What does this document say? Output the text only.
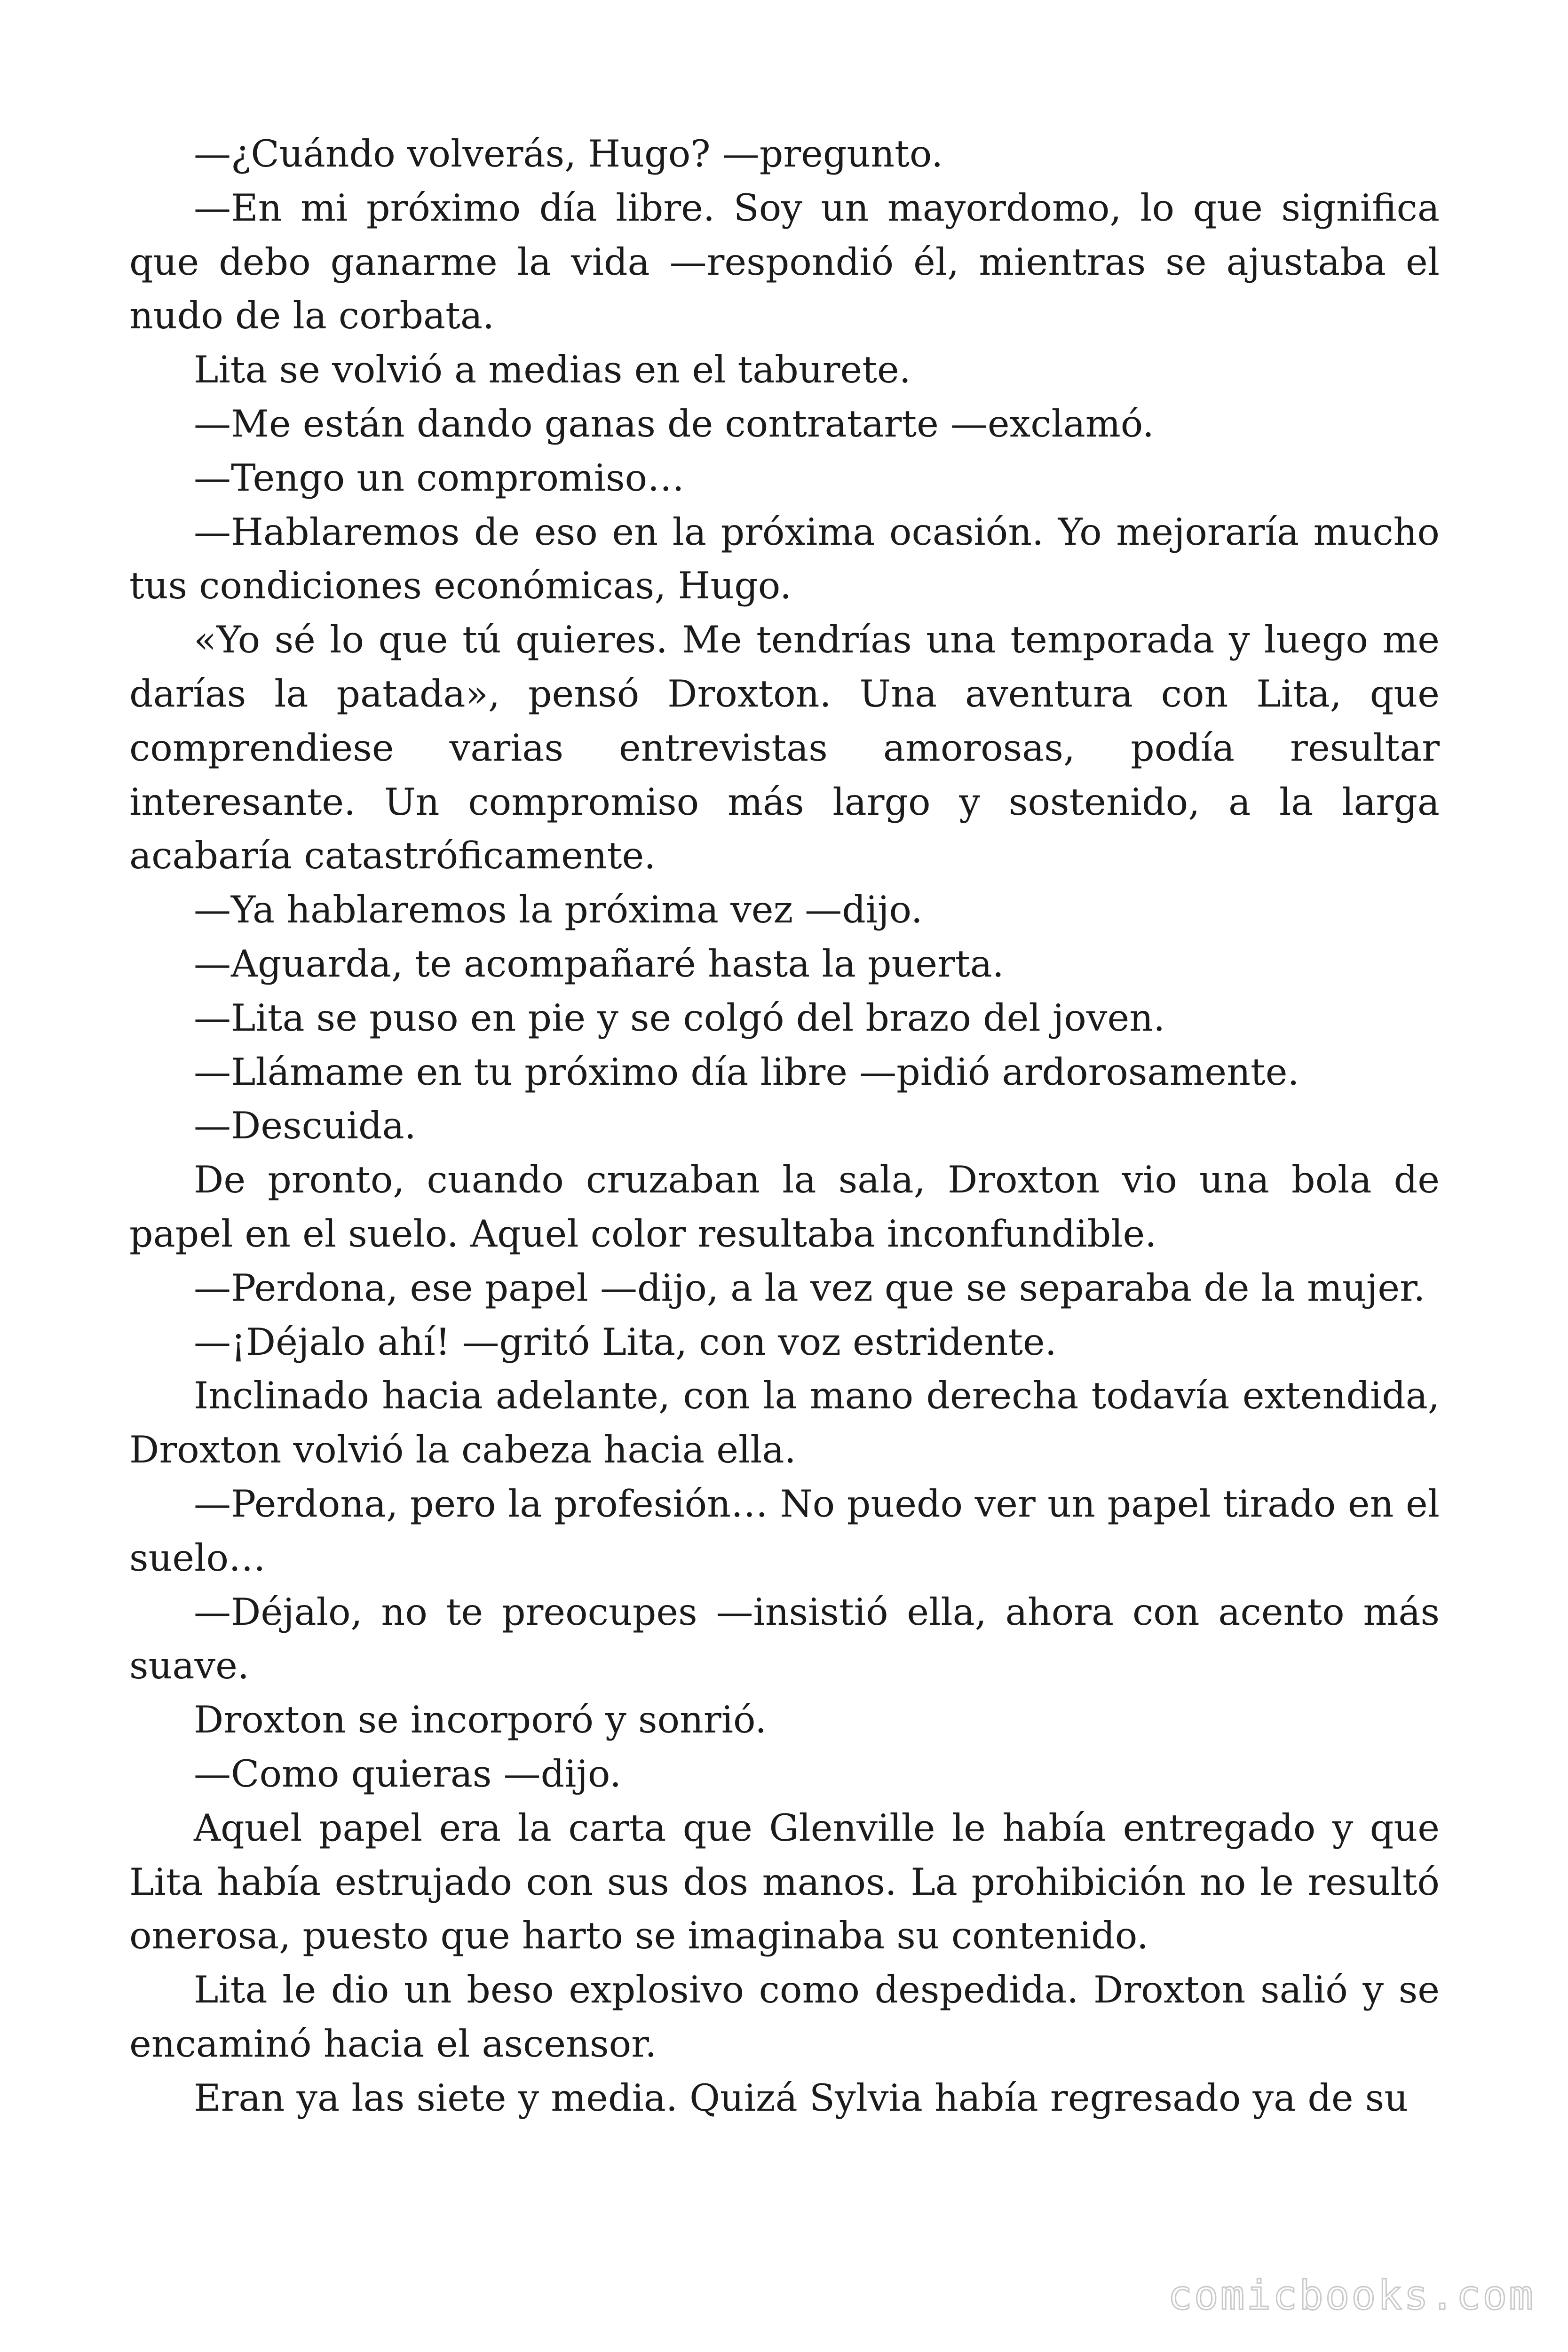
—¿Cuándo volverás, Hugo? —pregunto.

—En mi próximo día libre. Soy un mayordomo, lo que significa que debo ganarme la vida —respondió él, mientras se ajustaba el nudo de la corbata.

Lita se volvió a medias en el taburete.

—Me están dando ganas de contratarte —exclamó.

—Tengo un compromiso…

—Hablaremos de eso en la próxima ocasión. Yo mejoraría mucho tus condiciones económicas, Hugo.

«Yo sé lo que tú quieres. Me tendrías una temporada y luego me darías la patada», pensó Droxton. Una aventura con Lita, que comprendiese varias entrevistas amorosas, podía resultar interesante. Un compromiso más largo y sostenido, a la larga acabaría catastróficamente.

—Ya hablaremos la próxima vez —dijo.

—Aguarda, te acompañaré hasta la puerta.

—Lita se puso en pie y se colgó del brazo del joven.

—Llámame en tu próximo día libre —pidió ardorosamente.

—Descuida.

De pronto, cuando cruzaban la sala, Droxton vio una bola de papel en el suelo. Aquel color resultaba inconfundible.

—Perdona, ese papel —dijo, a la vez que se separaba de la mujer.

—¡Déjalo ahí! —gritó Lita, con voz estridente.

Inclinado hacia adelante, con la mano derecha todavía extendida, Droxton volvió la cabeza hacia ella.

—Perdona, pero la profesión… No puedo ver un papel tirado en el suelo…

—Déjalo, no te preocupes —insistió ella, ahora con acento más suave.

Droxton se incorporó y sonrió.

—Como quieras —dijo.

Aquel papel era la carta que Glenville le había entregado y que Lita había estrujado con sus dos manos. La prohibición no le resultó onerosa, puesto que harto se imaginaba su contenido.

Lita le dio un beso explosivo como despedida. Droxton salió y se encaminó hacia el ascensor.

Eran ya las siete y media. Quizá Sylvia había regresado ya de su

comicbooks.com
